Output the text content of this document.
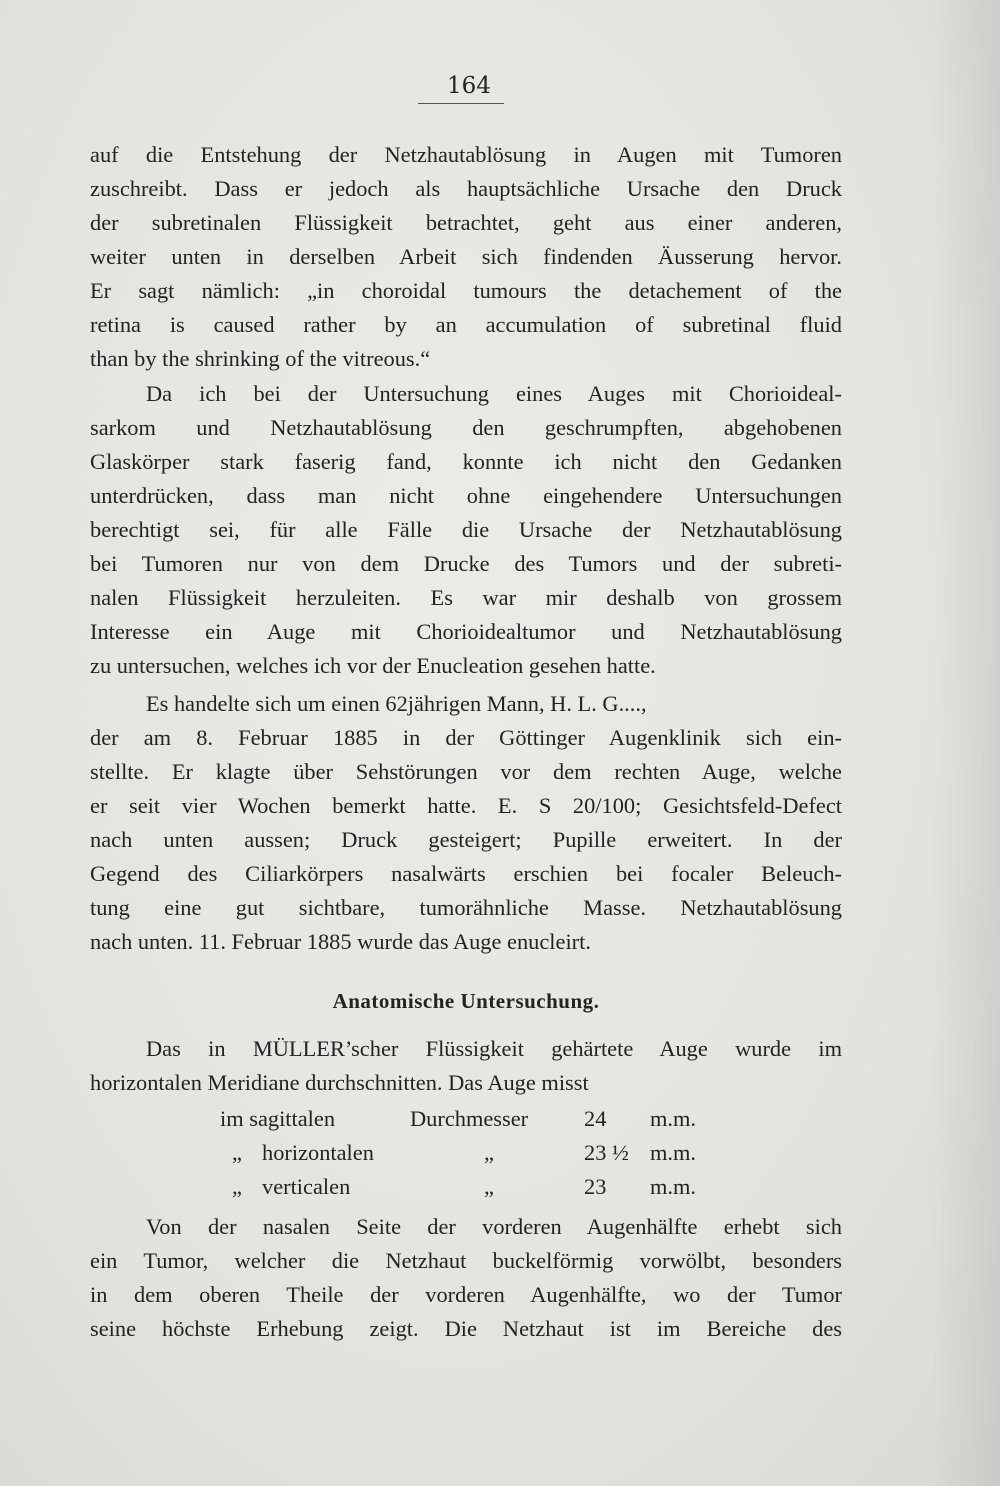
164
auf die Entstehung der Netzhautablösung in Augen mit Tumoren
zuschreibt. Dass er jedoch als hauptsächliche Ursache den Druck
der subretinalen Flüssigkeit betrachtet, geht aus einer anderen,
weiter unten in derselben Arbeit sich findenden Äusserung hervor.
Er sagt nämlich: „in choroidal tumours the detachement of the
retina is caused rather by an accumulation of subretinal fluid
than by the shrinking of the vitreous.“
Da ich bei der Untersuchung eines Auges mit Chorioideal-
sarkom und Netzhautablösung den geschrumpften, abgehobenen
Glaskörper stark faserig fand, konnte ich nicht den Gedanken
unterdrücken, dass man nicht ohne eingehendere Untersuchungen
berechtigt sei, für alle Fälle die Ursache der Netzhautablösung
bei Tumoren nur von dem Drucke des Tumors und der subreti-
nalen Flüssigkeit herzuleiten. Es war mir deshalb von grossem
Interesse ein Auge mit Chorioidealtumor und Netzhautablösung
zu untersuchen, welches ich vor der Enucleation gesehen hatte.
Es handelte sich um einen 62jährigen Mann, H. L. G....,
der am 8. Februar 1885 in der Göttinger Augenklinik sich ein-
stellte. Er klagte über Sehstörungen vor dem rechten Auge, welche
er seit vier Wochen bemerkt hatte. E. S 20/100; Gesichtsfeld-Defect
nach unten aussen; Druck gesteigert; Pupille erweitert. In der
Gegend des Ciliarkörpers nasalwärts erschien bei focaler Beleuch-
tung eine gut sichtbare, tumorähnliche Masse. Netzhautablösung
nach unten. 11. Februar 1885 wurde das Auge enucleirt.
Anatomische Untersuchung.
Das in MÜLLER’scher Flüssigkeit gehärtete Auge wurde im
horizontalen Meridiane durchschnitten. Das Auge misst
im sagittalen	Durchmesser 24 m.m.
„ horizontalen	„	23 ½ m.m.
„ verticalen	„	23 m.m.
Von der nasalen Seite der vorderen Augenhälfte erhebt sich
ein Tumor, welcher die Netzhaut buckelförmig vorwölbt, besonders
in dem oberen Theile der vorderen Augenhälfte, wo der Tumor
seine höchste Erhebung zeigt. Die Netzhaut ist im Bereiche des
